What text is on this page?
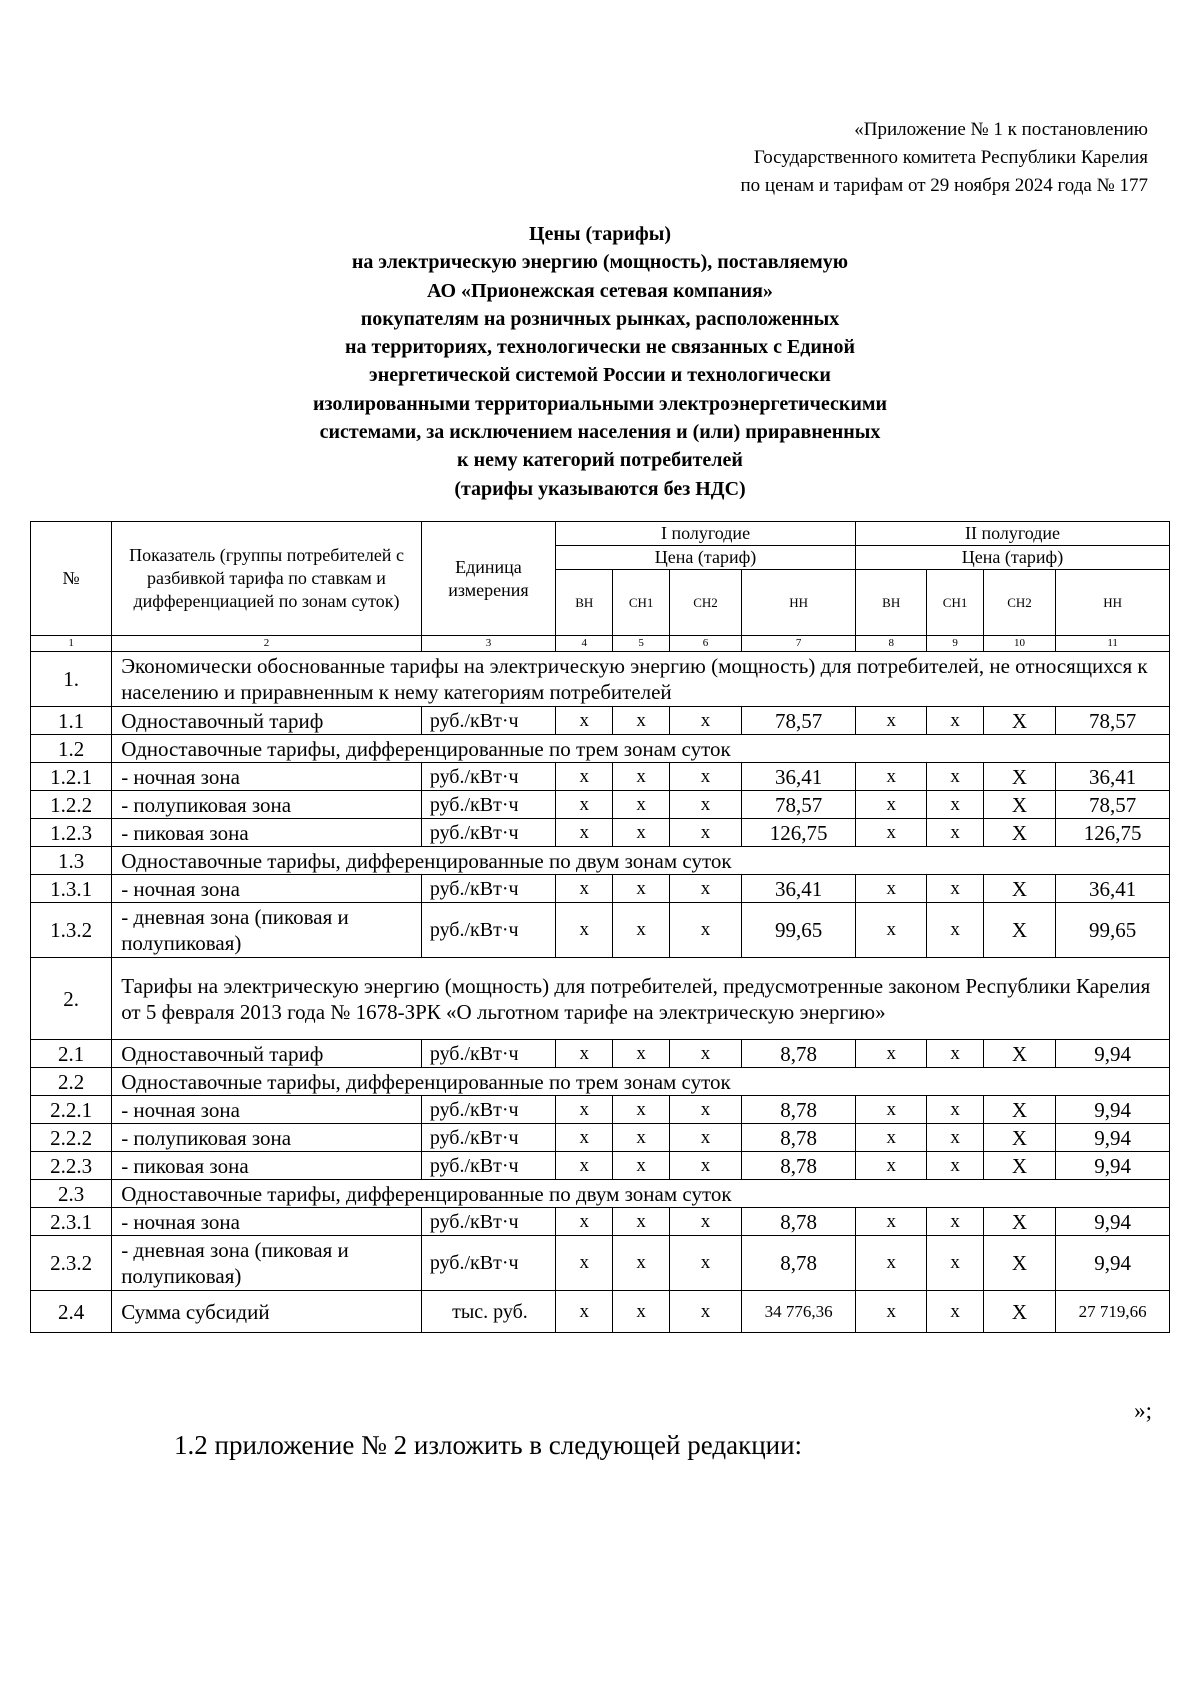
«Приложение № 1 к постановлению
Государственного комитета Республики Карелия
по ценам и тарифам от 29 ноября 2024 года № 177
Цены (тарифы)
на электрическую энергию (мощность), поставляемую
АО «Прионежская сетевая компания»
покупателям на розничных рынках, расположенных
на территориях, технологически не связанных с Единой
энергетической системой России и технологически
изолированными территориальными электроэнергетическими
системами, за исключением населения и (или) приравненных
к нему категорий потребителей
(тарифы указываются без НДС)
№	Показатель (группы потребителей с разбивкой тарифа по ставкам и дифференциацией по зонам суток)	Единица измерения	I полугодие				II полугодие			
			Цена (тариф)				Цена (тариф)			
			ВН	СН1	СН2	НН	ВН	СН1	СН2	НН
1	2	3	4	5	6	7	8	9	10	11
1.	Экономически обоснованные тарифы на электрическую энергию (мощность) для потребителей, не относящихся к населению и приравненным к нему категориям потребителей									
1.1	Одноставочный тариф	руб./кВт·ч	х	х	х	78,57	х	х	Х	78,57
1.2	Одноставочные тарифы, дифференцированные по трем зонам суток									
1.2.1	- ночная зона	руб./кВт·ч	х	х	х	36,41	х	х	Х	36,41
1.2.2	- полупиковая зона	руб./кВт·ч	х	х	х	78,57	х	х	Х	78,57
1.2.3	- пиковая зона	руб./кВт·ч	х	х	х	126,75	х	х	Х	126,75
1.3	Одноставочные тарифы, дифференцированные по двум зонам суток									
1.3.1	- ночная зона	руб./кВт·ч	х	х	х	36,41	х	х	Х	36,41
1.3.2	- дневная зона (пиковая и полупиковая)	руб./кВт·ч	х	х	х	99,65	х	х	Х	99,65
2.	Тарифы на электрическую энергию (мощность) для потребителей, предусмотренные законом Республики Карелия от 5 февраля 2013 года № 1678-ЗРК «О льготном тарифе на электрическую энергию»									
2.1	Одноставочный тариф	руб./кВт·ч	х	х	х	8,78	х	х	Х	9,94
2.2	Одноставочные тарифы, дифференцированные по трем зонам суток									
2.2.1	- ночная зона	руб./кВт·ч	х	х	х	8,78	х	х	Х	9,94
2.2.2	- полупиковая зона	руб./кВт·ч	х	х	х	8,78	х	х	Х	9,94
2.2.3	- пиковая зона	руб./кВт·ч	х	х	х	8,78	х	х	Х	9,94
2.3	Одноставочные тарифы, дифференцированные по двум зонам суток									
2.3.1	- ночная зона	руб./кВт·ч	х	х	х	8,78	х	х	Х	9,94
2.3.2	- дневная зона (пиковая и полупиковая)	руб./кВт·ч	х	х	х	8,78	х	х	Х	9,94
2.4	Сумма субсидий	тыс. руб.	х	х	х	34 776,36	х	х	Х	27 719,66
»;
1.2 приложение № 2 изложить в следующей редакции:
